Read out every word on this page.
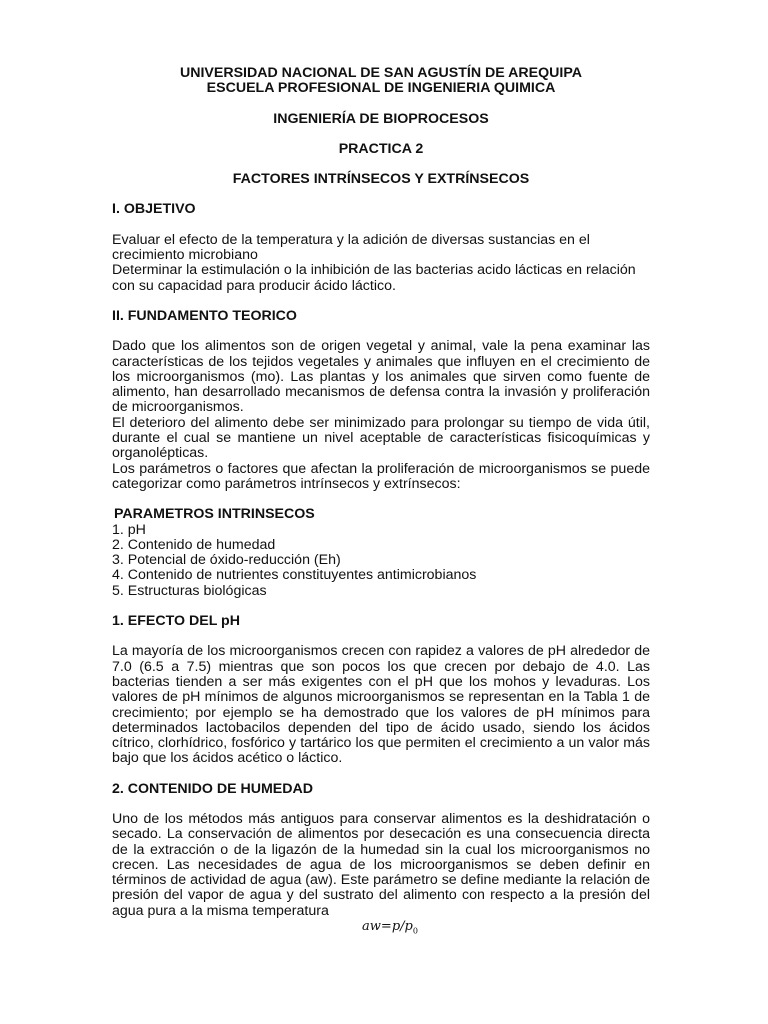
UNIVERSIDAD NACIONAL DE SAN AGUSTÍN DE AREQUIPA
ESCUELA PROFESIONAL DE INGENIERIA QUIMICA
INGENIERÍA DE BIOPROCESOS
PRACTICA 2
FACTORES INTRÍNSECOS Y EXTRÍNSECOS
I. OBJETIVO

Evaluar el efecto de la temperatura y la adición de diversas sustancias en el crecimiento microbiano

Determinar la estimulación o la inhibición de las bacterias acido lácticas en relación con su capacidad para producir ácido láctico.

II. FUNDAMENTO TEORICO

Dado que los alimentos son de origen vegetal y animal, vale la pena examinar las características de los tejidos vegetales y animales que influyen en el crecimiento de los microorganismos (mo). Las plantas y los animales que sirven como fuente de alimento, han desarrollado mecanismos de defensa contra la invasión y proliferación de microorganismos.

El deterioro del alimento debe ser minimizado para prolongar su tiempo de vida útil, durante el cual se mantiene un nivel aceptable de características fisicoquímicas y organolépticas.

Los parámetros o factores que afectan la proliferación de microorganismos se puede categorizar como parámetros intrínsecos y extrínsecos:

PARAMETROS INTRINSECOS

1. pH

2. Contenido de humedad

3. Potencial de óxido-reducción (Eh)

4. Contenido de nutrientes constituyentes antimicrobianos

5. Estructuras biológicas

1. EFECTO DEL pH

La mayoría de los microorganismos crecen con rapidez a valores de pH alrededor de 7.0 (6.5 a 7.5) mientras que son pocos los que crecen por debajo de 4.0. Las bacterias tienden a ser más exigentes con el pH que los mohos y levaduras. Los valores de pH mínimos de algunos microorganismos se representan en la Tabla 1 de crecimiento; por ejemplo se ha demostrado que los valores de pH mínimos para determinados lactobacilos dependen del tipo de ácido usado, siendo los ácidos cítrico, clorhídrico, fosfórico y tartárico los que permiten el crecimiento a un valor más bajo que los ácidos acético o láctico.

2. CONTENIDO DE HUMEDAD

Uno de los métodos más antiguos para conservar alimentos es la deshidratación o secado. La conservación de alimentos por desecación es una consecuencia directa de la extracción o de la ligazón de la humedad sin la cual los microorganismos no crecen. Las necesidades de agua de los microorganismos se deben definir en términos de actividad de agua (aw). Este parámetro se define mediante la relación de presión del vapor de agua y del sustrato del alimento con respecto a la presión del agua pura a la misma temperatura

$aw=p/p_0$
